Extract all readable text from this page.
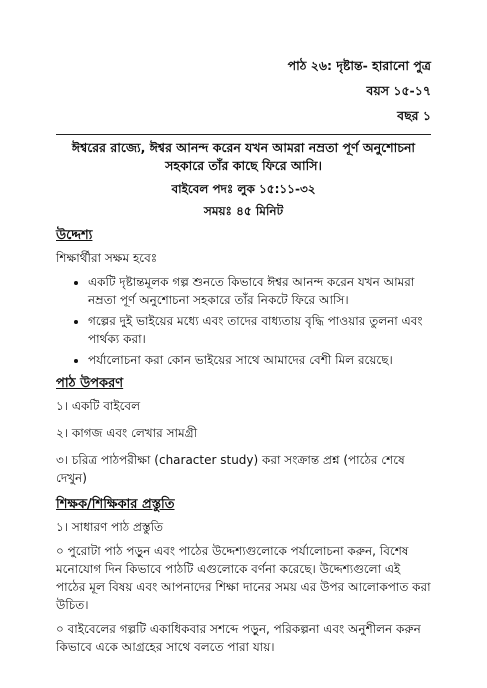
পাঠ ২৬: দৃষ্টান্ত- হারানো পুত্র
বয়স ১৫-১৭
বছর ১
ঈশ্বরের রাজ্যে, ঈশ্বর আনন্দ করেন যখন আমরা নম্রতা পূর্ণ অনুশোচনা সহকারে তাঁর কাছে ফিরে আসি।
বাইবেল পদঃ লুক ১৫:১১-৩২
সময়ঃ ৪৫ মিনিট
উদ্দেশ্য

শিক্ষার্থীরা সক্ষম হবেঃ

• একটি দৃষ্টান্তমূলক গল্প শুনতে কিভাবে ঈশ্বর আনন্দ করেন যখন আমরা নম্রতা পূর্ণ অনুশোচনা সহকারে তাঁর নিকটে ফিরে আসি।
• গল্পের দুই ভাইয়ের মধ্যে এবং তাদের বাধ্যতায় বৃদ্ধি পাওয়ার তুলনা এবং পার্থক্য করা।
• পর্যালোচনা করা কোন ভাইয়ের সাথে আমাদের বেশী মিল রয়েছে।
পাঠ উপকরণ

১। একটি বাইবেল

২। কাগজ এবং লেখার সামগ্রী

৩। চরিত্র পাঠপরীক্ষা (character study) করা সংক্রান্ত প্রশ্ন (পাঠের শেষে দেখুন)

শিক্ষক/শিক্ষিকার প্রস্তুতি

১। সাধারণ পাঠ প্রস্তুতি

০ পুরোটা পাঠ পড়ুন এবং পাঠের উদ্দেশ্যগুলোকে পর্যালোচনা করুন, বিশেষ মনোযোগ দিন কিভাবে পাঠটি এগুলোকে বর্ণনা করেছে। উদ্দেশ্যগুলো এই পাঠের মূল বিষয় এবং আপনাদের শিক্ষা দানের সময় এর উপর আলোকপাত করা উচিত।

০ বাইবেলের গল্পটি একাধিকবার সশব্দে পড়ুন, পরিকল্পনা এবং অনুশীলন করুন কিভাবে একে আগ্রহের সাথে বলতে পারা যায়।
